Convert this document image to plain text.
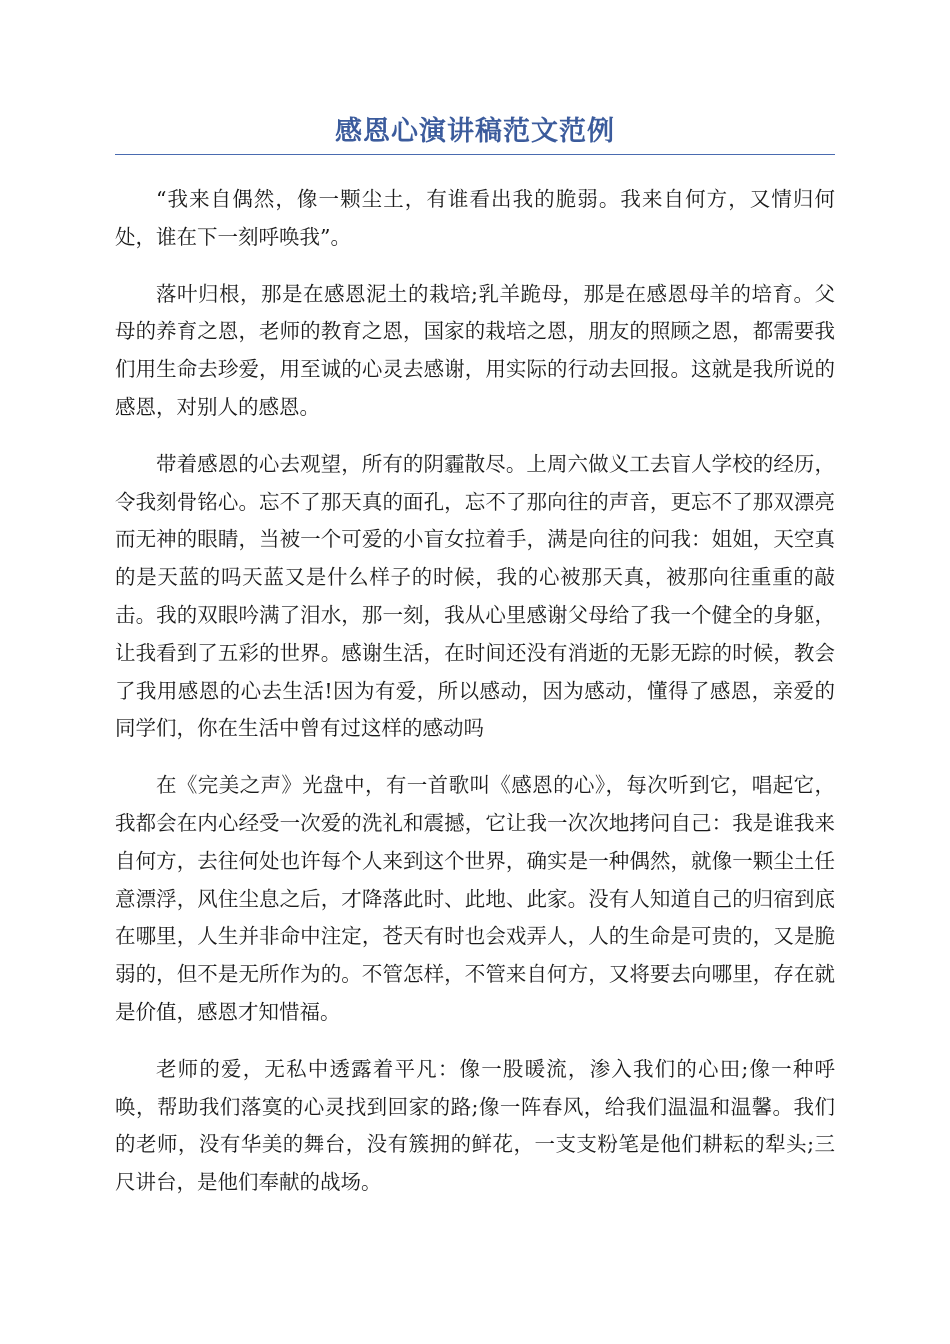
感恩心演讲稿范文范例

“我来自偶然，像一颗尘土，有谁看出我的脆弱。我来自何方，又情归何处，谁在下一刻呼唤我”。

落叶归根，那是在感恩泥土的栽培;乳羊跪母，那是在感恩母羊的培育。父母的养育之恩，老师的教育之恩，国家的栽培之恩，朋友的照顾之恩，都需要我们用生命去珍爱，用至诚的心灵去感谢，用实际的行动去回报。这就是我所说的感恩，对别人的感恩。

带着感恩的心去观望，所有的阴霾散尽。上周六做义工去盲人学校的经历，令我刻骨铭心。忘不了那天真的面孔，忘不了那向往的声音，更忘不了那双漂亮而无神的眼睛，当被一个可爱的小盲女拉着手，满是向往的问我：姐姐，天空真的是天蓝的吗天蓝又是什么样子的时候，我的心被那天真，被那向往重重的敲击。我的双眼吟满了泪水，那一刻，我从心里感谢父母给了我一个健全的身躯，让我看到了五彩的世界。感谢生活，在时间还没有消逝的无影无踪的时候，教会了我用感恩的心去生活!因为有爱，所以感动，因为感动，懂得了感恩，亲爱的同学们，你在生活中曾有过这样的感动吗

在《完美之声》光盘中，有一首歌叫《感恩的心》，每次听到它，唱起它，我都会在内心经受一次爱的洗礼和震撼，它让我一次次地拷问自己：我是谁我来自何方，去往何处也许每个人来到这个世界，确实是一种偶然，就像一颗尘土任意漂浮，风住尘息之后，才降落此时、此地、此家。没有人知道自己的归宿到底在哪里，人生并非命中注定，苍天有时也会戏弄人，人的生命是可贵的，又是脆弱的，但不是无所作为的。不管怎样，不管来自何方，又将要去向哪里，存在就是价值，感恩才知惜福。

老师的爱，无私中透露着平凡：像一股暖流，渗入我们的心田;像一种呼唤，帮助我们落寞的心灵找到回家的路;像一阵春风，给我们温温和温馨。我们的老师，没有华美的舞台，没有簇拥的鲜花，一支支粉笔是他们耕耘的犁头;三尺讲台，是他们奉献的战场。
